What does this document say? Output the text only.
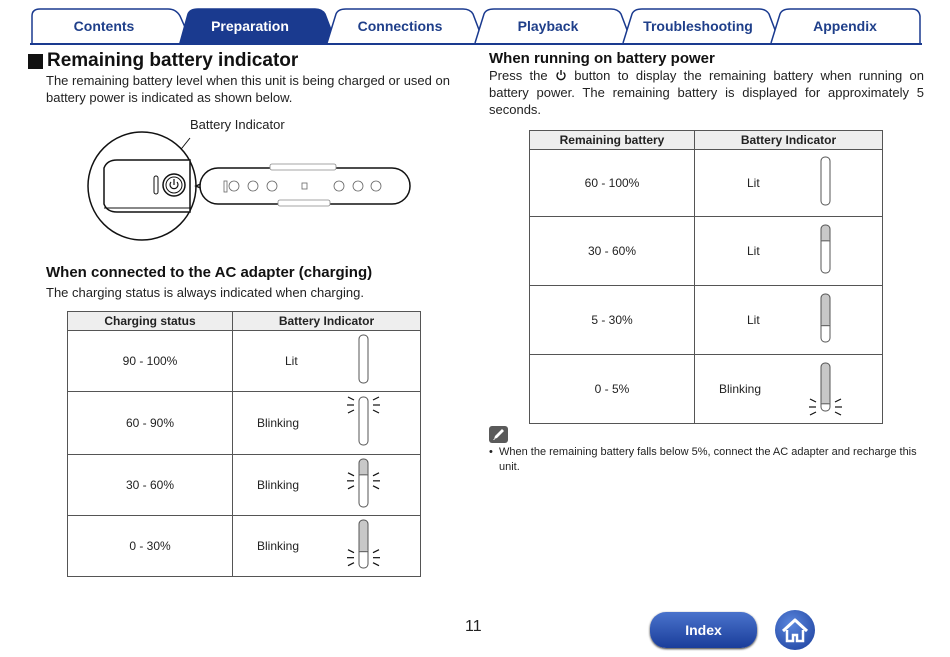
Contents	Preparation	Connections	Playback	Troubleshooting	Appendix
Remaining battery indicator
The remaining battery level when this unit is being charged or used on battery power is indicated as shown below.
Battery Indicator
When connected to the AC adapter (charging)
The charging status is always indicated when charging.
Charging status	Battery Indicator
90 - 100%	Lit

60 - 90%	Blinking

30 - 60%	Blinking

0 - 30%	Blinking
When running on battery power
Press the button to display the remaining battery when running on battery power. The remaining battery is displayed for approximately 5 seconds.
Remaining battery	Battery Indicator
60 - 100%	Lit

30 - 60%	Lit

5 - 30%	Lit

0 - 5%	Blinking
• When the remaining battery falls below 5%, connect the AC adapter and recharge this unit.
11	Index
